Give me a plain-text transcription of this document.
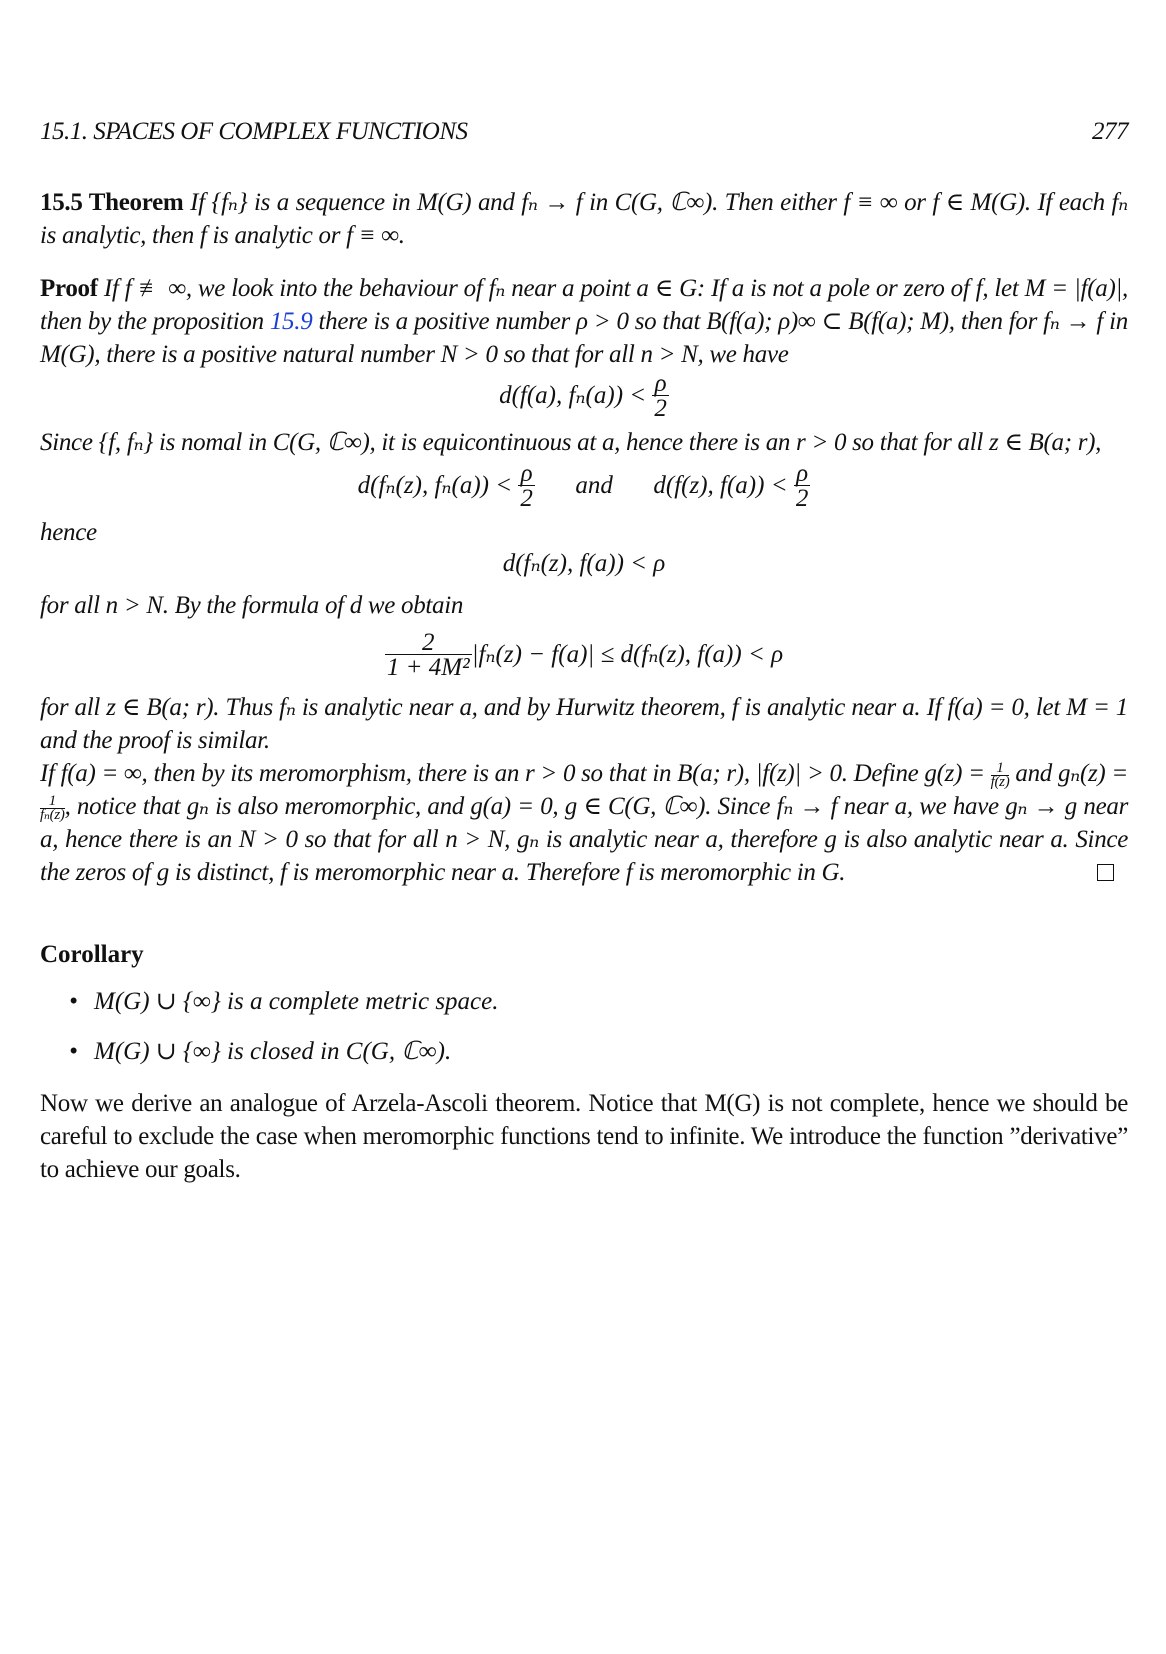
15.1. SPACES OF COMPLEX FUNCTIONS	277

15.5 Theorem If {fₙ} is a sequence in M(G) and fₙ → f in C(G, ℂ∞). Then either f ≡ ∞ or f ∈ M(G). If each fₙ is analytic, then f is analytic or f ≡ ∞.

Proof If f ≢ ∞, we look into the behaviour of fₙ near a point a ∈ G: If a is not a pole or zero of f, let M = |f(a)|, then by the proposition 15.9 there is a positive number ρ > 0 so that B(f(a); ρ)∞ ⊂ B(f(a); M), then for fₙ → f in M(G), there is a positive natural number N > 0 so that for all n > N, we have

d(f(a), $f_n(a)) < \frac{\rho}{2}$

Since {f, fₙ} is nomal in C(G, ℂ∞), it is equicontinuous at a, hence there is an r > 0 so that for all z ∈ B(a; r),

d(fₙ(z), $f_n(a)) < \frac{\rho}{2}$ and d(f(z), $f(a)) < \frac{\rho}{2}$

hence

d(fₙ(z), f(a)) < ρ

for all n > N. By the formula of d we obtain

$\frac{2}{\text{1 + 4M²}} |f_n(z) - f(a)| \le d(f_n(z)$, f(a)) < ρ

for all z ∈ B(a; r). Thus fₙ is analytic near a, and by Hurwitz theorem, f is analytic near a. If f(a) = 0, let M = 1 and the proof is similar.

If f(a) = ∞, then by its meromorphism, there is an r > 0 so that in B(a; r), |f(z)| > 0. Define $g(z) = \frac{1}{f(z)}$ and gₙ(z) =
$\frac{1}{\text{fₙ(z)}}$ , notice that gₙ is also meromorphic, and g(a) = 0, g ∈ C(G, ℂ∞). Since fₙ → f near a, we have gₙ → g near a, hence there is an N > 0 so that for all n > N, gₙ is analytic near a, therefore g is also analytic near a. Since the zeros of g is distinct, f is meromorphic near a. Therefore f is meromorphic in G.

Corollary
• M(G) ∪ {∞} is a complete metric space.
• M(G) ∪ {∞} is closed in C(G, ℂ∞).

Now we derive an analogue of Arzela-Ascoli theorem. Notice that M(G) is not complete, hence we should be careful to exclude the case when meromorphic functions tend to infinite. We introduce the function ”derivative” to achieve our goals.
